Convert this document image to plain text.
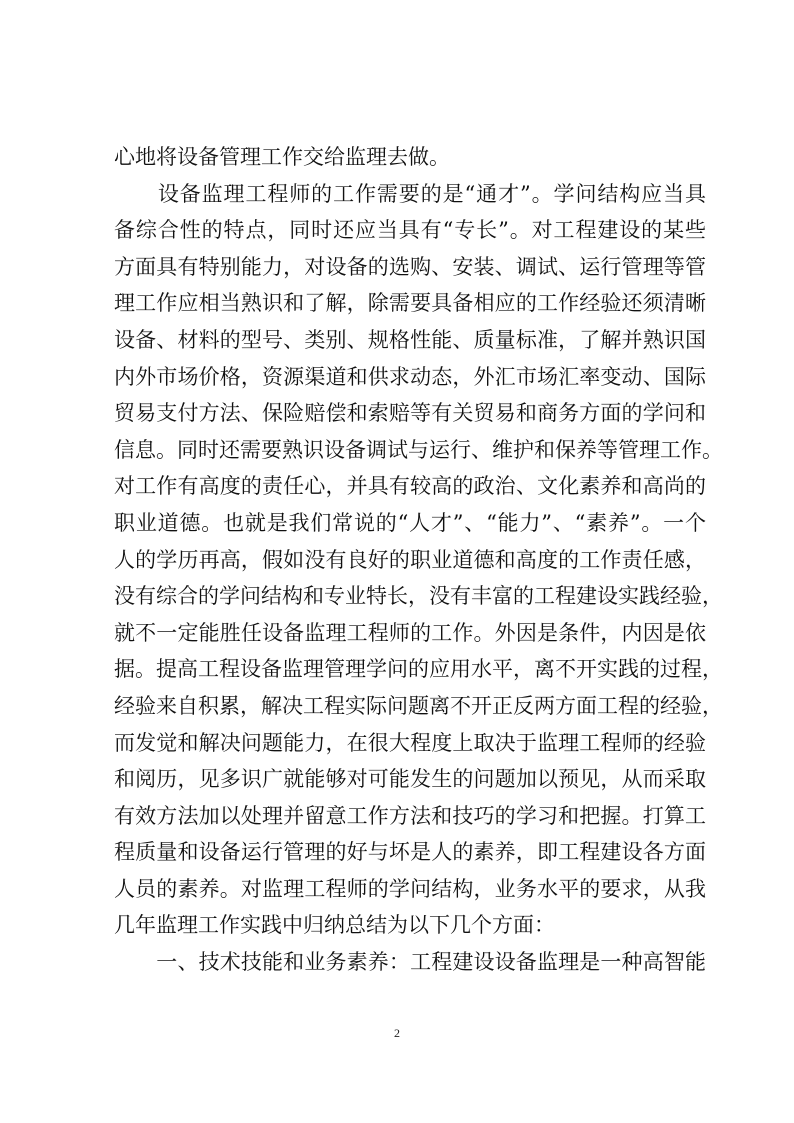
心地将设备管理工作交给监理去做。
　　设备监理工程师的工作需要的是“通才”。学问结构应当具
备综合性的特点，同时还应当具有“专长”。对工程建设的某些
方面具有特别能力，对设备的选购、安装、调试、运行管理等管
理工作应相当熟识和了解，除需要具备相应的工作经验还须清晰
设备、材料的型号、类别、规格性能、质量标准，了解并熟识国
内外市场价格，资源渠道和供求动态，外汇市场汇率变动、国际
贸易支付方法、保险赔偿和索赔等有关贸易和商务方面的学问和
信息。同时还需要熟识设备调试与运行、维护和保养等管理工作。
对工作有高度的责任心，并具有较高的政治、文化素养和高尚的
职业道德。也就是我们常说的“人才”、“能力”、“素养”。一个
人的学历再高，假如没有良好的职业道德和高度的工作责任感，
没有综合的学问结构和专业特长，没有丰富的工程建设实践经验，
就不一定能胜任设备监理工程师的工作。外因是条件，内因是依
据。提高工程设备监理管理学问的应用水平，离不开实践的过程，
经验来自积累，解决工程实际问题离不开正反两方面工程的经验，
而发觉和解决问题能力，在很大程度上取决于监理工程师的经验
和阅历，见多识广就能够对可能发生的问题加以预见，从而采取
有效方法加以处理并留意工作方法和技巧的学习和把握。打算工
程质量和设备运行管理的好与坏是人的素养，即工程建设各方面
人员的素养。对监理工程师的学问结构，业务水平的要求，从我
几年监理工作实践中归纳总结为以下几个方面：
　　一、技术技能和业务素养：工程建设设备监理是一种高智能
2
